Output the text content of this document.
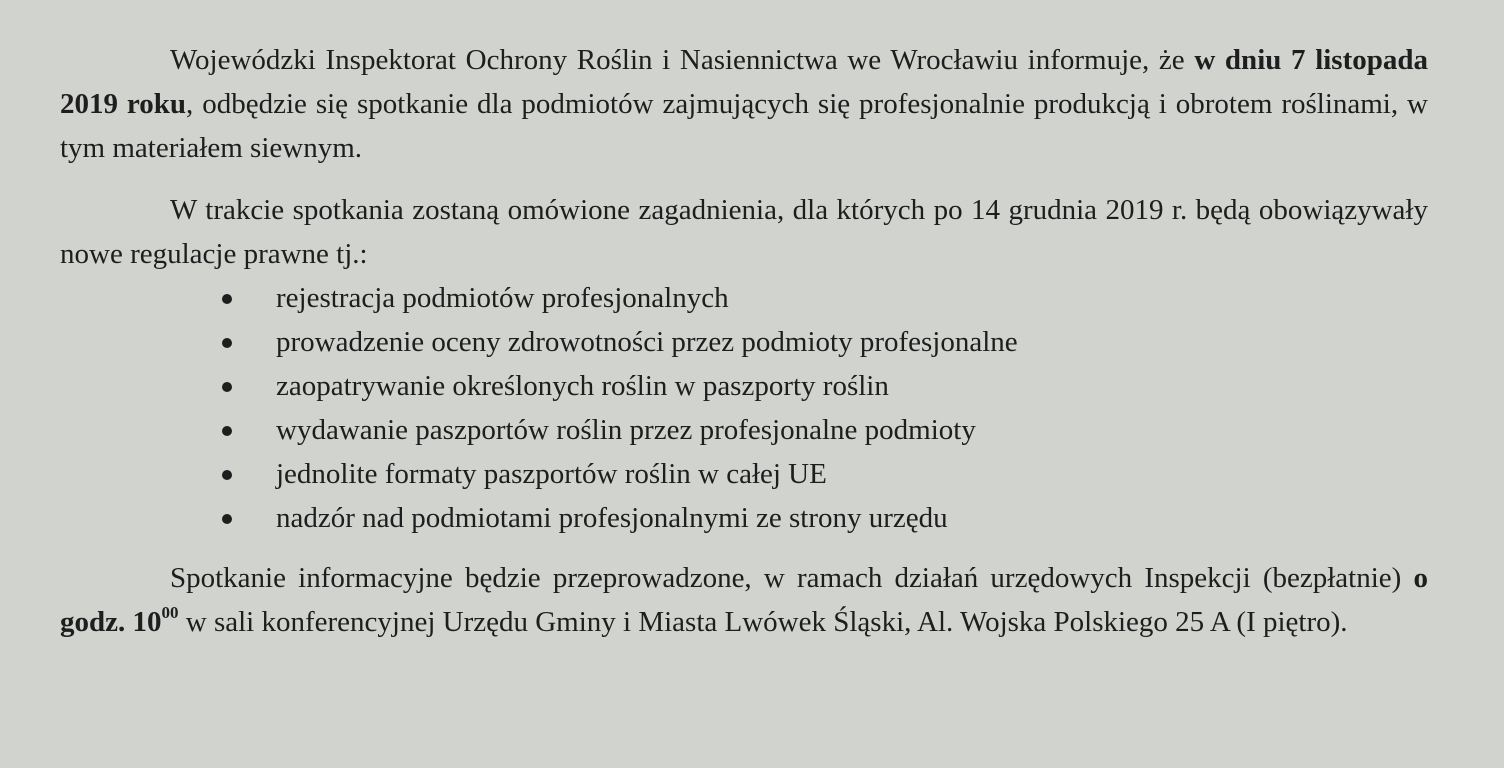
Wojewódzki Inspektorat Ochrony Roślin i Nasiennictwa we Wrocławiu informuje, że w dniu 7 listopada 2019 roku, odbędzie się spotkanie dla podmiotów zajmujących się profesjonalnie produkcją i obrotem roślinami, w tym materiałem siewnym.

W trakcie spotkania zostaną omówione zagadnienia, dla których po 14 grudnia 2019 r. będą obowiązywały nowe regulacje prawne tj.:

rejestracja podmiotów profesjonalnych
prowadzenie oceny zdrowotności przez podmioty profesjonalne
zaopatrywanie określonych roślin w paszporty roślin
wydawanie paszportów roślin przez profesjonalne podmioty
jednolite formaty paszportów roślin w całej UE
nadzór nad podmiotami profesjonalnymi ze strony urzędu

Spotkanie informacyjne będzie przeprowadzone, w ramach działań urzędowych Inspekcji (bezpłatnie) o godz. $10^{00}$ w sali konferencyjnej Urzędu Gminy i Miasta Lwówek Śląski, Al. Wojska Polskiego 25 A (I piętro).
